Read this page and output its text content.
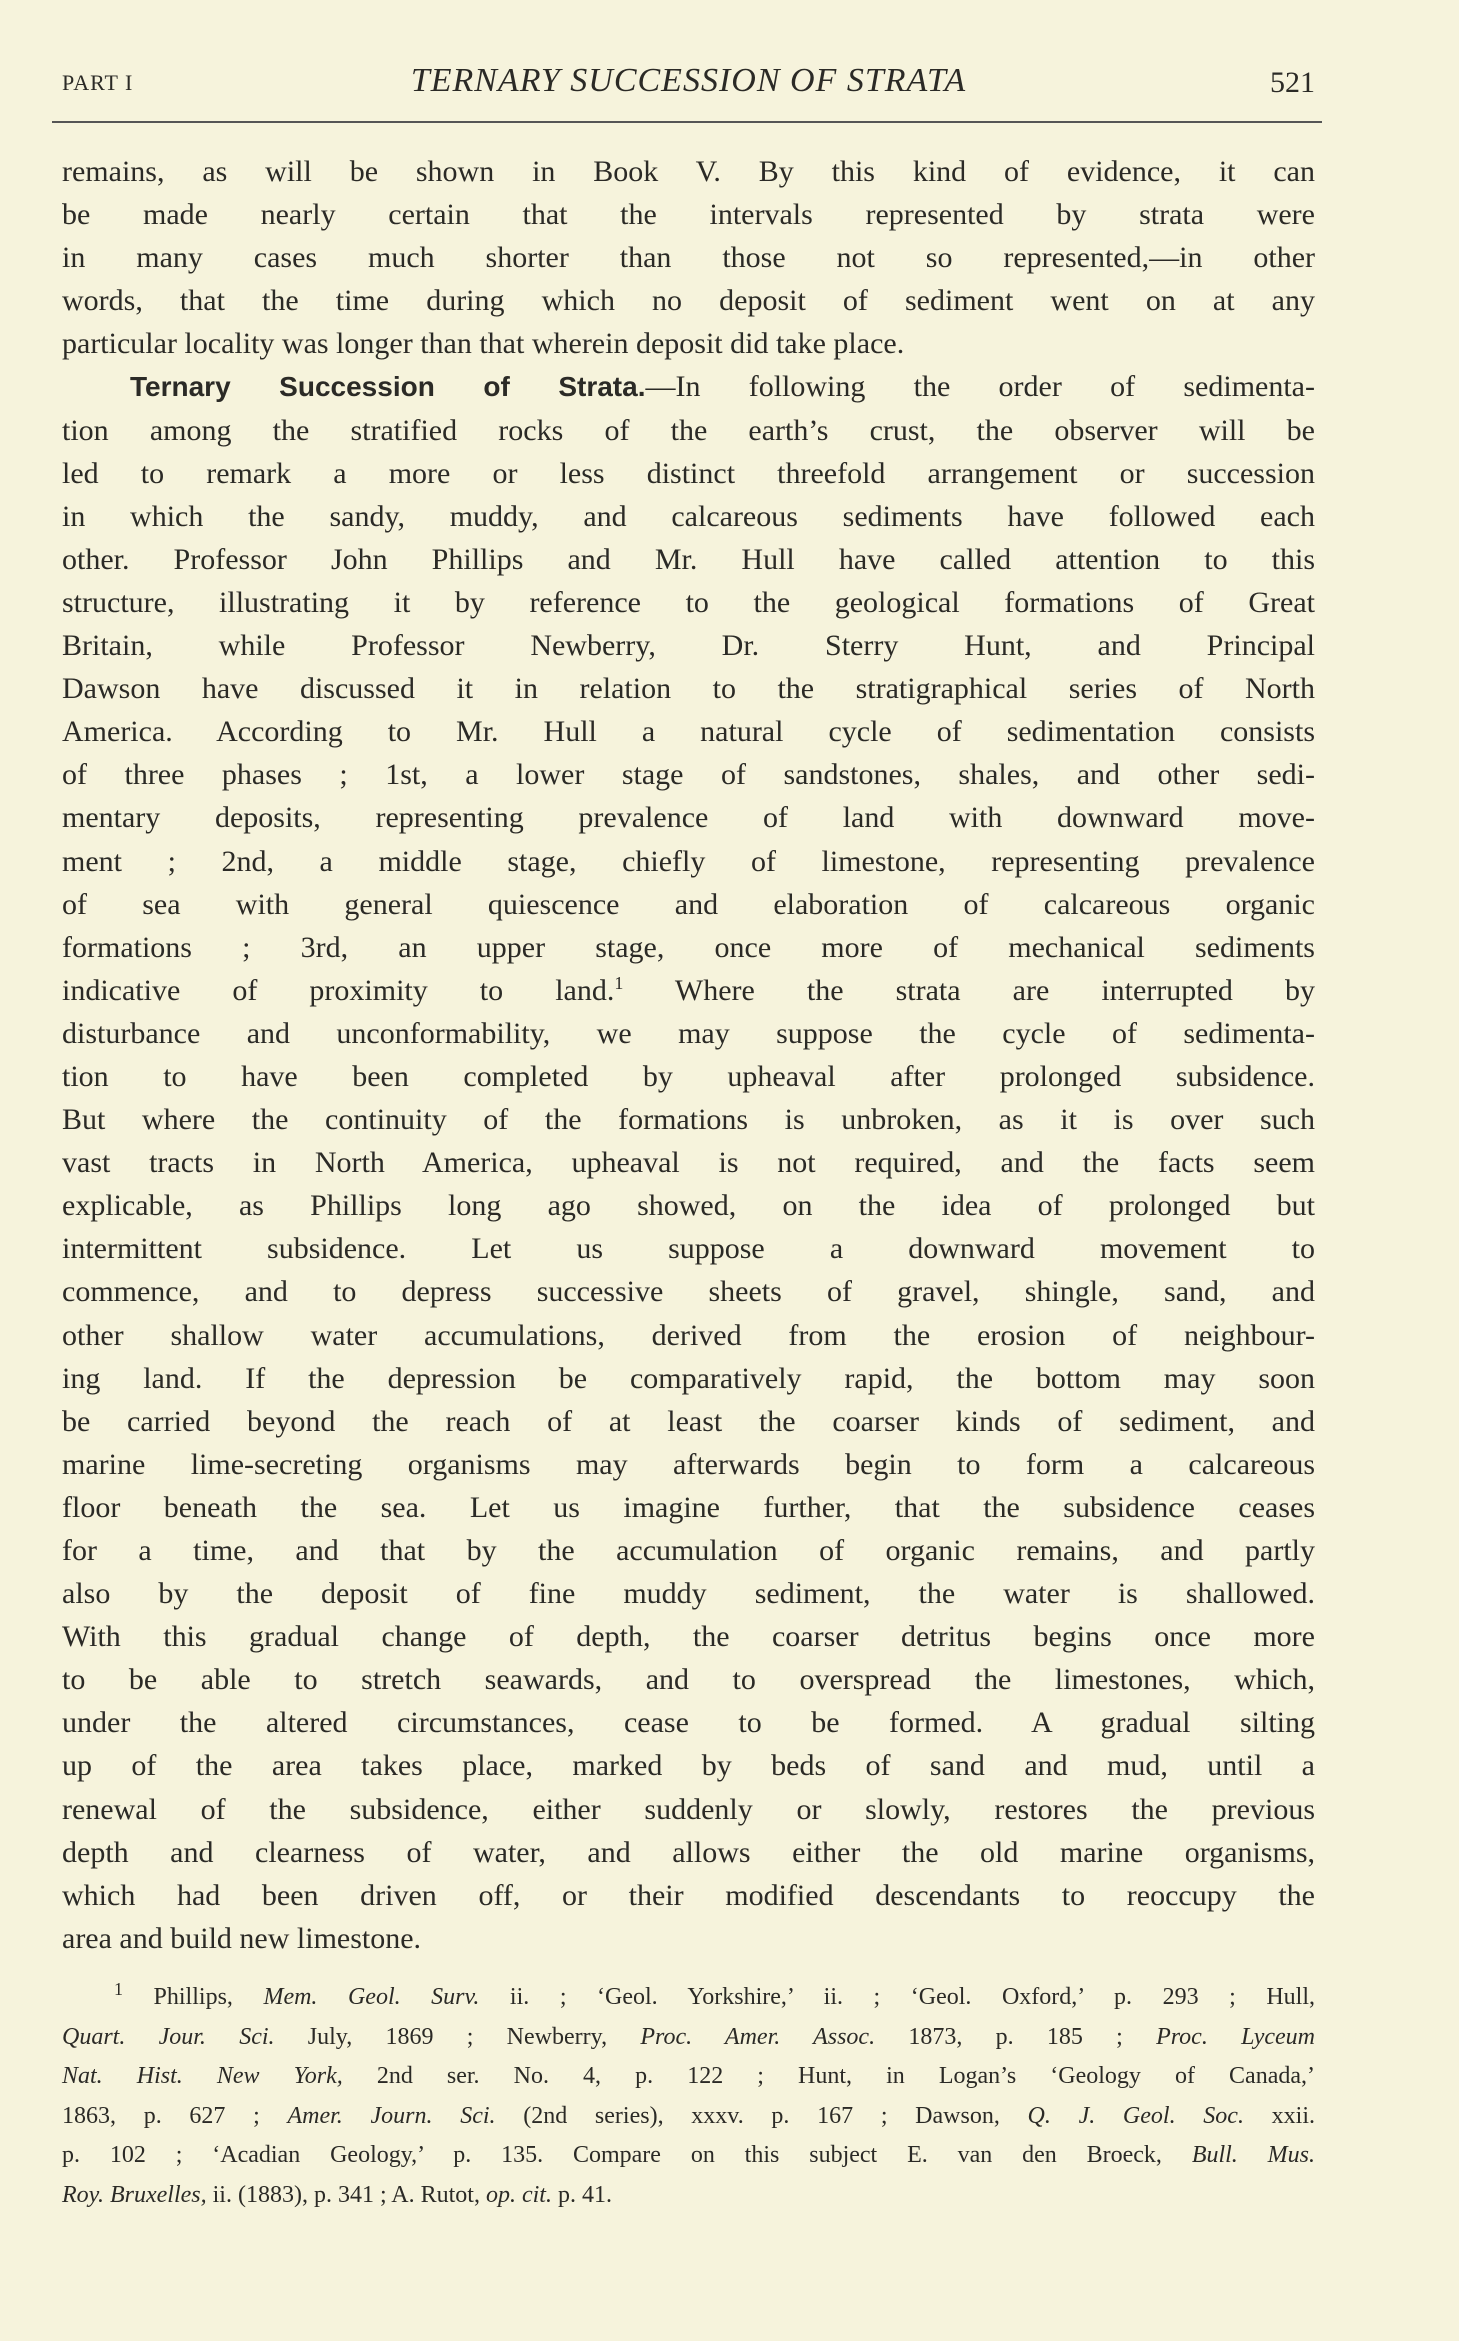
PART I	TERNARY SUCCESSION OF STRATA	521
remains, as will be shown in Book V. By this kind of evidence, it can
be made nearly certain that the intervals represented by strata were
in many cases much shorter than those not so represented,—in other
words, that the time during which no deposit of sediment went on at any
particular locality was longer than that wherein deposit did take place.
Ternary Succession of Strata.—In following the order of sedimenta-
tion among the stratified rocks of the earth’s crust, the observer will be
led to remark a more or less distinct threefold arrangement or succession
in which the sandy, muddy, and calcareous sediments have followed each
other. Professor John Phillips and Mr. Hull have called attention to this
structure, illustrating it by reference to the geological formations of Great
Britain, while Professor Newberry, Dr. Sterry Hunt, and Principal
Dawson have discussed it in relation to the stratigraphical series of North
America. According to Mr. Hull a natural cycle of sedimentation consists
of three phases ; 1st, a lower stage of sandstones, shales, and other sedi-
mentary deposits, representing prevalence of land with downward move-
ment ; 2nd, a middle stage, chiefly of limestone, representing prevalence
of sea with general quiescence and elaboration of calcareous organic
formations ; 3rd, an upper stage, once more of mechanical sediments
indicative of proximity to land.$^1$ Where the strata are interrupted by
disturbance and unconformability, we may suppose the cycle of sedimenta-
tion to have been completed by upheaval after prolonged subsidence.
But where the continuity of the formations is unbroken, as it is over such
vast tracts in North America, upheaval is not required, and the facts seem
explicable, as Phillips long ago showed, on the idea of prolonged but
intermittent subsidence. Let us suppose a downward movement to
commence, and to depress successive sheets of gravel, shingle, sand, and
other shallow water accumulations, derived from the erosion of neighbour-
ing land. If the depression be comparatively rapid, the bottom may soon
be carried beyond the reach of at least the coarser kinds of sediment, and
marine lime-secreting organisms may afterwards begin to form a calcareous
floor beneath the sea. Let us imagine further, that the subsidence ceases
for a time, and that by the accumulation of organic remains, and partly
also by the deposit of fine muddy sediment, the water is shallowed.
With this gradual change of depth, the coarser detritus begins once more
to be able to stretch seawards, and to overspread the limestones, which,
under the altered circumstances, cease to be formed. A gradual silting
up of the area takes place, marked by beds of sand and mud, until a
renewal of the subsidence, either suddenly or slowly, restores the previous
depth and clearness of water, and allows either the old marine organisms,
which had been driven off, or their modified descendants to reoccupy the
area and build new limestone.
$^1$ Phillips, Mem. Geol. Surv. ii. ; ‘Geol. Yorkshire,’ ii. ; ‘Geol. Oxford,’ p. 293 ; Hull,
Quart. Jour. Sci. July, 1869 ; Newberry, Proc. Amer. Assoc. 1873, p. 185 ; Proc. Lyceum
Nat. Hist. New York, 2nd ser. No. 4, p. 122 ; Hunt, in Logan’s ‘Geology of Canada,’
1863, p. 627 ; Amer. Journ. Sci. (2nd series), xxxv. p. 167 ; Dawson, Q. J. Geol. Soc. xxii.
p. 102 ; ‘Acadian Geology,’ p. 135. Compare on this subject E. van den Broeck, Bull. Mus.
Roy. Bruxelles, ii. (1883), p. 341 ; A. Rutot, op. cit. p. 41.
